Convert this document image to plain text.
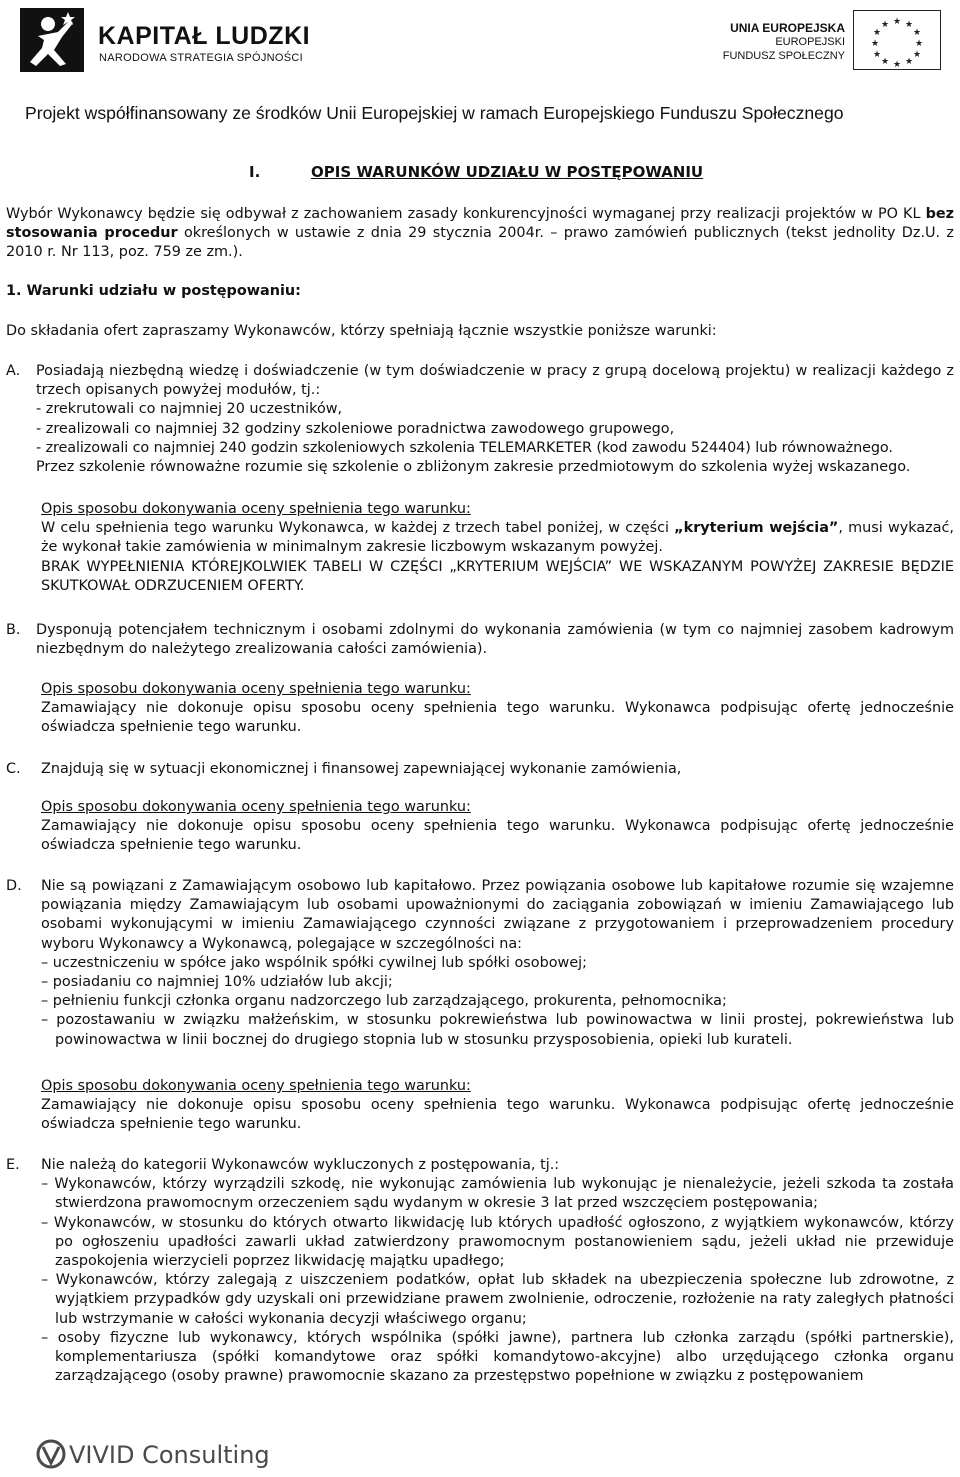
KAPITAŁ LUDZKI
NARODOWA STRATEGIA SPÓJNOŚCI
UNIA EUROPEJSKA
EUROPEJSKI
FUNDUSZ SPOŁECZNY
★ ★
★
★
★
★
★
★
★
★
★
★
Projekt współfinansowany ze środków Unii Europejskiej w ramach Europejskiego Funduszu Społecznego
I.	OPIS WARUNKÓW UDZIAŁU W POSTĘPOWANIU

Wybór Wykonawcy będzie się odbywał z zachowaniem zasady konkurencyjności wymaganej przy realizacji projektów w PO KL bez stosowania procedur określonych w ustawie z dnia 29 stycznia 2004r. – prawo zamówień publicznych (tekst jednolity Dz.U. z 2010 r. Nr 113, poz. 759 ze zm.).

1. Warunki udziału w postępowaniu:
Do składania ofert zapraszamy Wykonawców, którzy spełniają łącznie wszystkie poniższe warunki:
A. Posiadają niezbędną wiedzę i doświadczenie (w tym doświadczenie w pracy z grupą docelową projektu) w realizacji każdego z trzech opisanych powyżej modułów, tj.:

- zrekrutowali co najmniej 20 uczestników,

- zrealizowali co najmniej 32 godziny szkoleniowe poradnictwa zawodowego grupowego,

- zrealizowali co najmniej 240 godzin szkoleniowych szkolenia TELEMARKETER (kod zawodu 524404) lub równoważnego.

Przez szkolenie równoważne rozumie się szkolenie o zbliżonym zakresie przedmiotowym do szkolenia wyżej wskazanego.

Opis sposobu dokonywania oceny spełnienia tego warunku:

W celu spełnienia tego warunku Wykonawca, w każdej z trzech tabel poniżej, w części „kryterium wejścia”, musi wykazać, że wykonał takie zamówienia w minimalnym zakresie liczbowym wskazanym powyżej.

BRAK WYPEŁNIENIA KTÓREJKOLWIEK TABELI W CZĘŚCI „KRYTERIUM WEJŚCIA” WE WSKAZANYM POWYŻEJ ZAKRESIE BĘDZIE SKUTKOWAŁ ODRZUCENIEM OFERTY.

B. Dysponują potencjałem technicznym i osobami zdolnymi do wykonania zamówienia (w tym co najmniej zasobem kadrowym niezbędnym do należytego zrealizowania całości zamówienia).

Opis sposobu dokonywania oceny spełnienia tego warunku:

Zamawiający nie dokonuje opisu sposobu oceny spełnienia tego warunku. Wykonawca podpisując ofertę jednocześnie oświadcza spełnienie tego warunku.

C. Znajdują się w sytuacji ekonomicznej i finansowej zapewniającej wykonanie zamówienia,

Opis sposobu dokonywania oceny spełnienia tego warunku:

Zamawiający nie dokonuje opisu sposobu oceny spełnienia tego warunku. Wykonawca podpisując ofertę jednocześnie oświadcza spełnienie tego warunku.

D. Nie są powiązani z Zamawiającym osobowo lub kapitałowo. Przez powiązania osobowe lub kapitałowe rozumie się wzajemne powiązania między Zamawiającym lub osobami upoważnionymi do zaciągania zobowiązań w imieniu Zamawiającego lub osobami wykonującymi w imieniu Zamawiającego czynności związane z przygotowaniem i przeprowadzeniem procedury wyboru Wykonawcy a Wykonawcą, polegające w szczególności na:

– uczestniczeniu w spółce jako wspólnik spółki cywilnej lub spółki osobowej;

– posiadaniu co najmniej 10% udziałów lub akcji;

– pełnieniu funkcji członka organu nadzorczego lub zarządzającego, prokurenta, pełnomocnika;

– pozostawaniu w związku małżeńskim, w stosunku pokrewieństwa lub powinowactwa w linii prostej, pokrewieństwa lub powinowactwa w linii bocznej do drugiego stopnia lub w stosunku przysposobienia, opieki lub kurateli.

Opis sposobu dokonywania oceny spełnienia tego warunku:

Zamawiający nie dokonuje opisu sposobu oceny spełnienia tego warunku. Wykonawca podpisując ofertę jednocześnie oświadcza spełnienie tego warunku.

E. Nie należą do kategorii Wykonawców wykluczonych z postępowania, tj.:

– Wykonawców, którzy wyrządzili szkodę, nie wykonując zamówienia lub wykonując je nienależycie, jeżeli szkoda ta została stwierdzona prawomocnym orzeczeniem sądu wydanym w okresie 3 lat przed wszczęciem postępowania;

– Wykonawców, w stosunku do których otwarto likwidację lub których upadłość ogłoszono, z wyjątkiem wykonawców, którzy po ogłoszeniu upadłości zawarli układ zatwierdzony prawomocnym postanowieniem sądu, jeżeli układ nie przewiduje zaspokojenia wierzycieli poprzez likwidację majątku upadłego;

– Wykonawców, którzy zalegają z uiszczeniem podatków, opłat lub składek na ubezpieczenia społeczne lub zdrowotne, z wyjątkiem przypadków gdy uzyskali oni przewidziane prawem zwolnienie, odroczenie, rozłożenie na raty zaległych płatności lub wstrzymanie w całości wykonania decyzji właściwego organu;

– osoby fizyczne lub wykonawcy, których wspólnika (spółki jawne), partnera lub członka zarządu (spółki partnerskie), komplementariusza (spółki komandytowe oraz spółki komandytowo-akcyjne) albo urzędującego członka organu zarządzającego (osoby prawne) prawomocnie skazano za przestępstwo popełnione w związku z postępowaniem

VIVID Consulting
